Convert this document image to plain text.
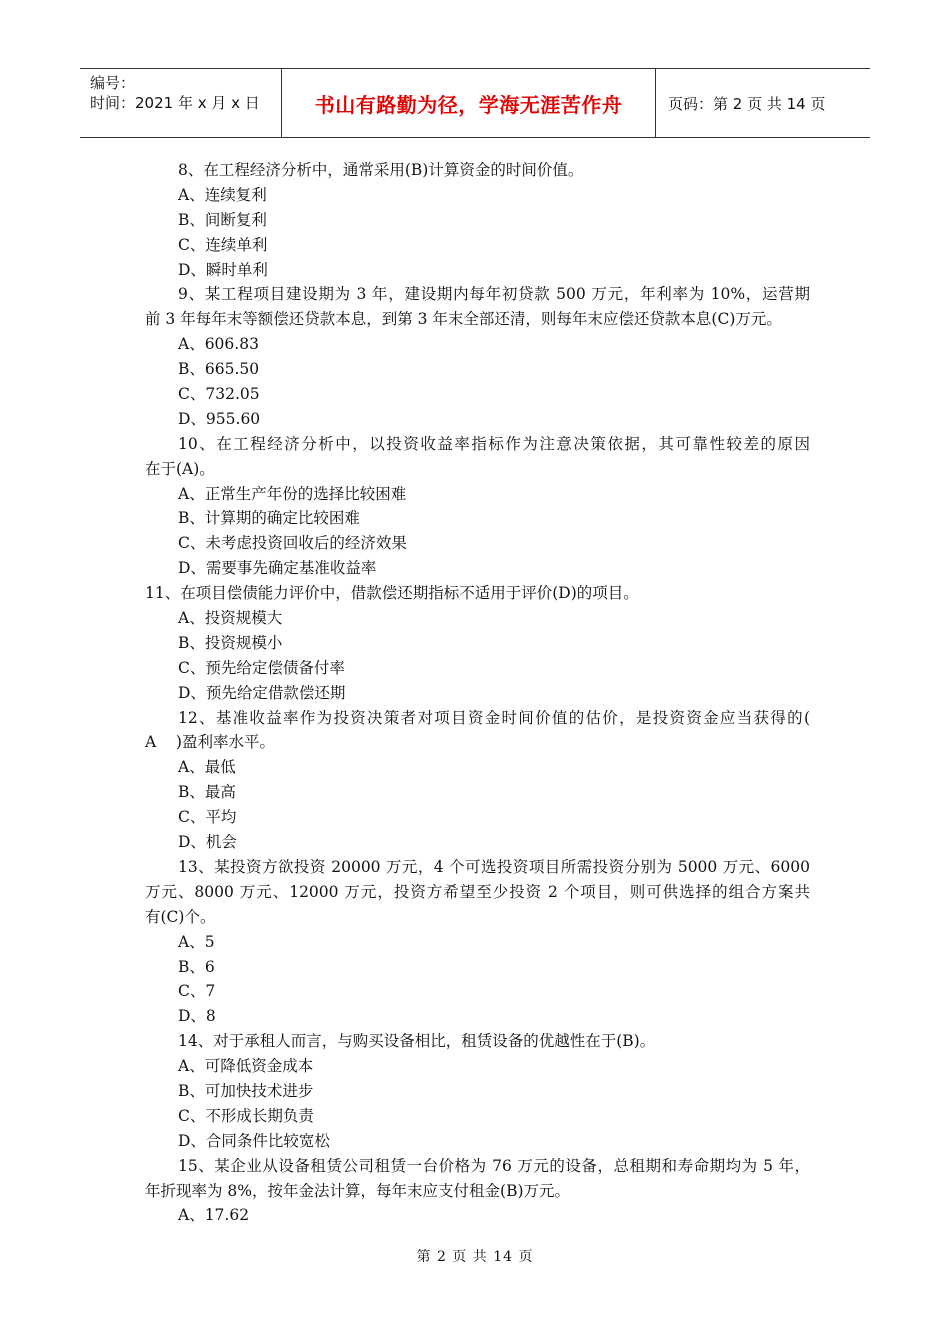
编号：
时间：2021 年 x 月 x 日	书山有路勤为径，学海无涯苦作舟	页码：第 2 页 共 14 页
8、在工程经济分析中，通常采用(B)计算资金的时间价值。
A、连续复利
B、间断复利
C、连续单利
D、瞬时单利
9、某工程项目建设期为 3 年，建设期内每年初贷款 500 万元，年利率为 10%，运营期
前 3 年每年末等额偿还贷款本息，到第 3 年末全部还清，则每年末应偿还贷款本息(C)万元。
A、606.83
B、665.50
C、732.05
D、955.60
10、在工程经济分析中，以投资收益率指标作为注意决策依据，其可靠性较差的原因
在于(A)。
A、正常生产年份的选择比较困难
B、计算期的确定比较困难
C、未考虑投资回收后的经济效果
D、需要事先确定基准收益率
11、在项目偿债能力评价中，借款偿还期指标不适用于评价(D)的项目。
A、投资规模大
B、投资规模小
C、预先给定偿债备付率
D、预先给定借款偿还期
12、基准收益率作为投资决策者对项目资金时间价值的估价，是投资资金应当获得的(
A    )盈利率水平。
A、最低
B、最高
C、平均
D、机会
13、某投资方欲投资 20000 万元，4 个可选投资项目所需投资分别为 5000 万元、6000
万元、8000 万元、12000 万元，投资方希望至少投资 2 个项目，则可供选择的组合方案共
有(C)个。
A、5
B、6
C、7
D、8
14、对于承租人而言，与购买设备相比，租赁设备的优越性在于(B)。
A、可降低资金成本
B、可加快技术进步
C、不形成长期负责
D、合同条件比较宽松
15、某企业从设备租赁公司租赁一台价格为 76 万元的设备，总租期和寿命期均为 5 年，
年折现率为 8%，按年金法计算，每年末应支付租金(B)万元。
A、17.62
第 2 页 共 14 页
